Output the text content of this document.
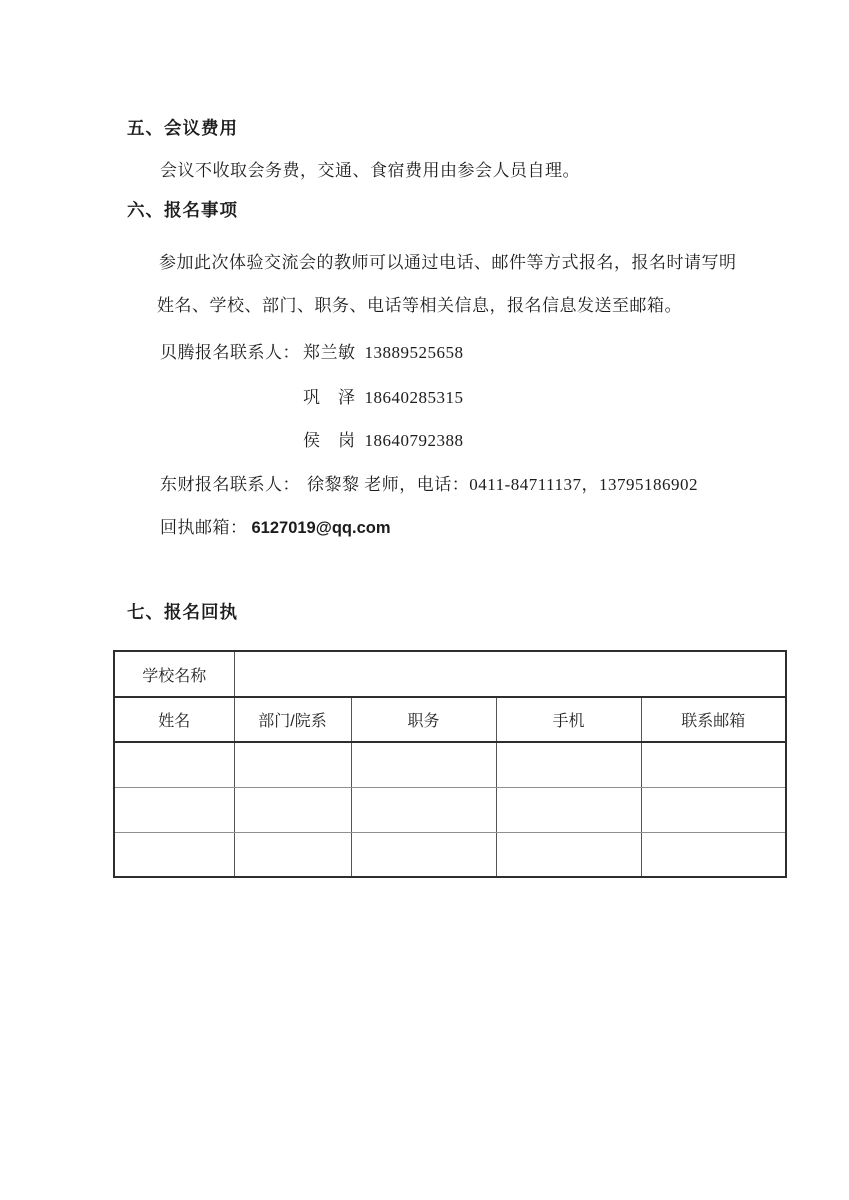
五、会议费用
会议不收取会务费，交通、食宿费用由参会人员自理。
六、报名事项
参加此次体验交流会的教师可以通过电话、邮件等方式报名，报名时请写明
姓名、学校、部门、职务、电话等相关信息，报名信息发送至邮箱。
贝腾报名联系人： 郑兰敏 13889525658
巩　泽 18640285315
侯　岗 18640792388
东财报名联系人： 徐黎黎 老师，电话：0411-84711137，13795186902
回执邮箱： 6127019@qq.com
七、报名回执
学校名称				
姓名	部门/院系	职务	手机	联系邮箱
